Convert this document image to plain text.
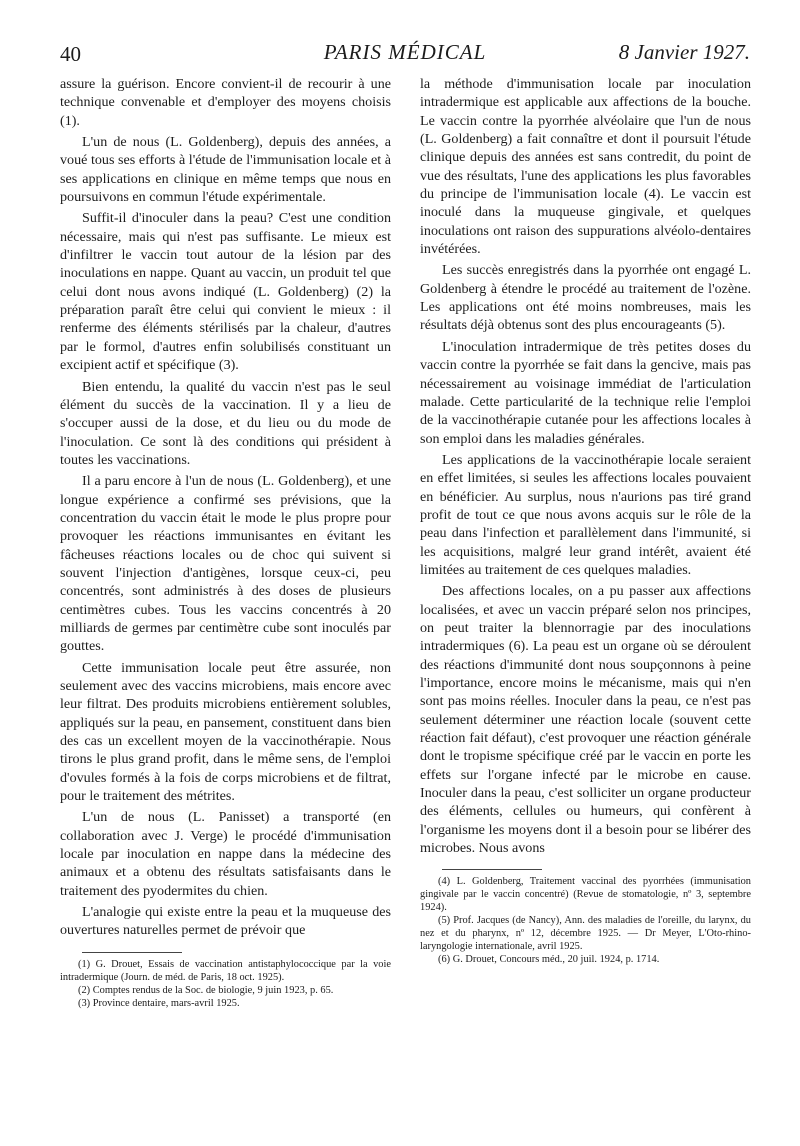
40	PARIS MÉDICAL	8 Janvier 1927.

assure la guérison. Encore convient-il de recourir à une technique convenable et d'employer des moyens choisis (1).

L'un de nous (L. Goldenberg), depuis des années, a voué tous ses efforts à l'étude de l'immunisation locale et à ses applications en clinique en même temps que nous en poursuivons en commun l'étude expérimentale.

Suffit-il d'inoculer dans la peau? C'est une condition nécessaire, mais qui n'est pas suffisante. Le mieux est d'infiltrer le vaccin tout autour de la lésion par des inoculations en nappe. Quant au vaccin, un produit tel que celui dont nous avons indiqué (L. Goldenberg) (2) la préparation paraît être celui qui convient le mieux : il renferme des éléments stérilisés par la chaleur, d'autres par le formol, d'autres enfin solubilisés constituant un excipient actif et spécifique (3).

Bien entendu, la qualité du vaccin n'est pas le seul élément du succès de la vaccination. Il y a lieu de s'occuper aussi de la dose, et du lieu ou du mode de l'inoculation. Ce sont là des conditions qui président à toutes les vaccinations.

Il a paru encore à l'un de nous (L. Goldenberg), et une longue expérience a confirmé ses prévisions, que la concentration du vaccin était le mode le plus propre pour provoquer les réactions immunisantes en évitant les fâcheuses réactions locales ou de choc qui suivent si souvent l'injection d'antigènes, lorsque ceux-ci, peu concentrés, sont administrés à des doses de plusieurs centimètres cubes. Tous les vaccins concentrés à 20 milliards de germes par centimètre cube sont inoculés par gouttes.

Cette immunisation locale peut être assurée, non seulement avec des vaccins microbiens, mais encore avec leur filtrat. Des produits microbiens entièrement solubles, appliqués sur la peau, en pansement, constituent dans bien des cas un excellent moyen de la vaccinothérapie. Nous tirons le plus grand profit, dans le même sens, de l'emploi d'ovules formés à la fois de corps microbiens et de filtrat, pour le traitement des métrites.

L'un de nous (L. Panisset) a transporté (en collaboration avec J. Verge) le procédé d'immunisation locale par inoculation en nappe dans la médecine des animaux et a obtenu des résultats satisfaisants dans le traitement des pyodermites du chien.

L'analogie qui existe entre la peau et la muqueuse des ouvertures naturelles permet de prévoir que

(1) G. Drouet, Essais de vaccination antistaphylococcique par la voie intradermique (Journ. de méd. de Paris, 18 oct. 1925).

(2) Comptes rendus de la Soc. de biologie, 9 juin 1923, p. 65.

(3) Province dentaire, mars-avril 1925.

la méthode d'immunisation locale par inoculation intradermique est applicable aux affections de la bouche. Le vaccin contre la pyorrhée alvéolaire que l'un de nous (L. Goldenberg) a fait connaître et dont il poursuit l'étude clinique depuis des années est sans contredit, du point de vue des résultats, l'une des applications les plus favorables du principe de l'immunisation locale (4). Le vaccin est inoculé dans la muqueuse gingivale, et quelques inoculations ont raison des suppurations alvéolo-dentaires invétérées.

Les succès enregistrés dans la pyorrhée ont engagé L. Goldenberg à étendre le procédé au traitement de l'ozène. Les applications ont été moins nombreuses, mais les résultats déjà obtenus sont des plus encourageants (5).

L'inoculation intradermique de très petites doses du vaccin contre la pyorrhée se fait dans la gencive, mais pas nécessairement au voisinage immédiat de l'articulation malade. Cette particularité de la technique relie l'emploi de la vaccinothérapie cutanée pour les affections locales à son emploi dans les maladies générales.

Les applications de la vaccinothérapie locale seraient en effet limitées, si seules les affections locales pouvaient en bénéficier. Au surplus, nous n'aurions pas tiré grand profit de tout ce que nous avons acquis sur le rôle de la peau dans l'infection et parallèlement dans l'immunité, si les acquisitions, malgré leur grand intérêt, avaient été limitées au traitement de ces quelques maladies.

Des affections locales, on a pu passer aux affections localisées, et avec un vaccin préparé selon nos principes, on peut traiter la blennorragie par des inoculations intradermiques (6). La peau est un organe où se déroulent des réactions d'immunité dont nous soupçonnons à peine l'importance, encore moins le mécanisme, mais qui n'en sont pas moins réelles. Inoculer dans la peau, ce n'est pas seulement déterminer une réaction locale (souvent cette réaction fait défaut), c'est provoquer une réaction générale dont le tropisme spécifique créé par le vaccin en porte les effets sur l'organe infecté par le microbe en cause. Inoculer dans la peau, c'est solliciter un organe producteur des éléments, cellules ou humeurs, qui confèrent à l'organisme les moyens dont il a besoin pour se libérer des microbes. Nous avons

(4) L. Goldenberg, Traitement vaccinal des pyorrhées (immunisation gingivale par le vaccin concentré) (Revue de stomatologie, nº 3, septembre 1924).

(5) Prof. Jacques (de Nancy), Ann. des maladies de l'oreille, du larynx, du nez et du pharynx, nº 12, décembre 1925. — Dr Meyer, L'Oto-rhino-laryngologie internationale, avril 1925.

(6) G. Drouet, Concours méd., 20 juil. 1924, p. 1714.
